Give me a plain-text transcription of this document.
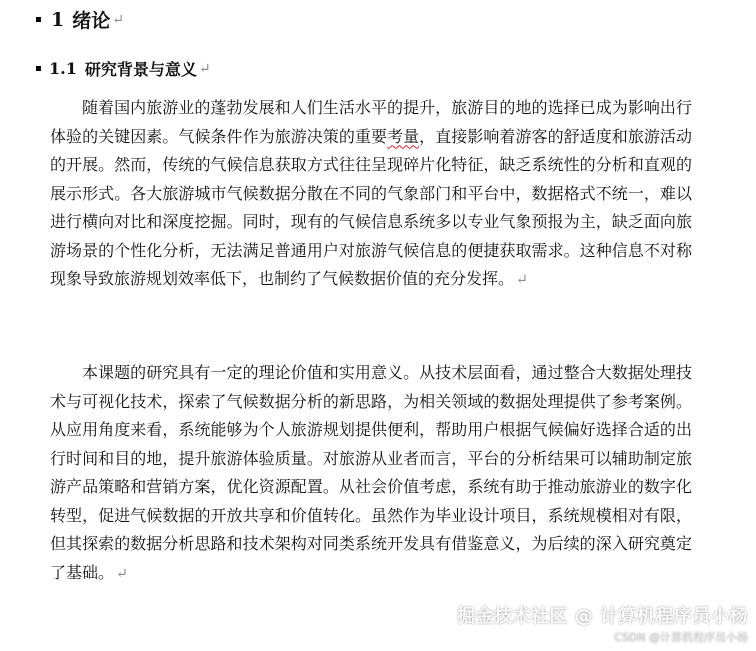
1 绪论 ↵
1.1 研究背景与意义 ↵

随着国内旅游业的蓬勃发展和人们生活水平的提升，旅游目的地的选择已成为影响出行体验的关键因素。气候条件作为旅游决策的重要考量，直接影响着游客的舒适度和旅游活动的开展。然而，传统的气候信息获取方式往往呈现碎片化特征，缺乏系统性的分析和直观的展示形式。各大旅游城市气候数据分散在不同的气象部门和平台中，数据格式不统一，难以进行横向对比和深度挖掘。同时，现有的气候信息系统多以专业气象预报为主，缺乏面向旅游场景的个性化分析，无法满足普通用户对旅游气候信息的便捷获取需求。这种信息不对称现象导致旅游规划效率低下，也制约了气候数据价值的充分发挥。 ↵

本课题的研究具有一定的理论价值和实用意义。从技术层面看，通过整合大数据处理技术与可视化技术，探索了气候数据分析的新思路，为相关领域的数据处理提供了参考案例。从应用角度来看，系统能够为个人旅游规划提供便利，帮助用户根据气候偏好选择合适的出行时间和目的地，提升旅游体验质量。对旅游从业者而言，平台的分析结果可以辅助制定旅游产品策略和营销方案，优化资源配置。从社会价值考虑，系统有助于推动旅游业的数字化转型，促进气候数据的开放共享和价值转化。虽然作为毕业设计项目，系统规模相对有限，但其探索的数据分析思路和技术架构对同类系统开发具有借鉴意义，为后续的深入研究奠定了基础。 ↵

掘金技术社区 @ 计算机程序员小杨
CSDN @计算机程序员小杨
